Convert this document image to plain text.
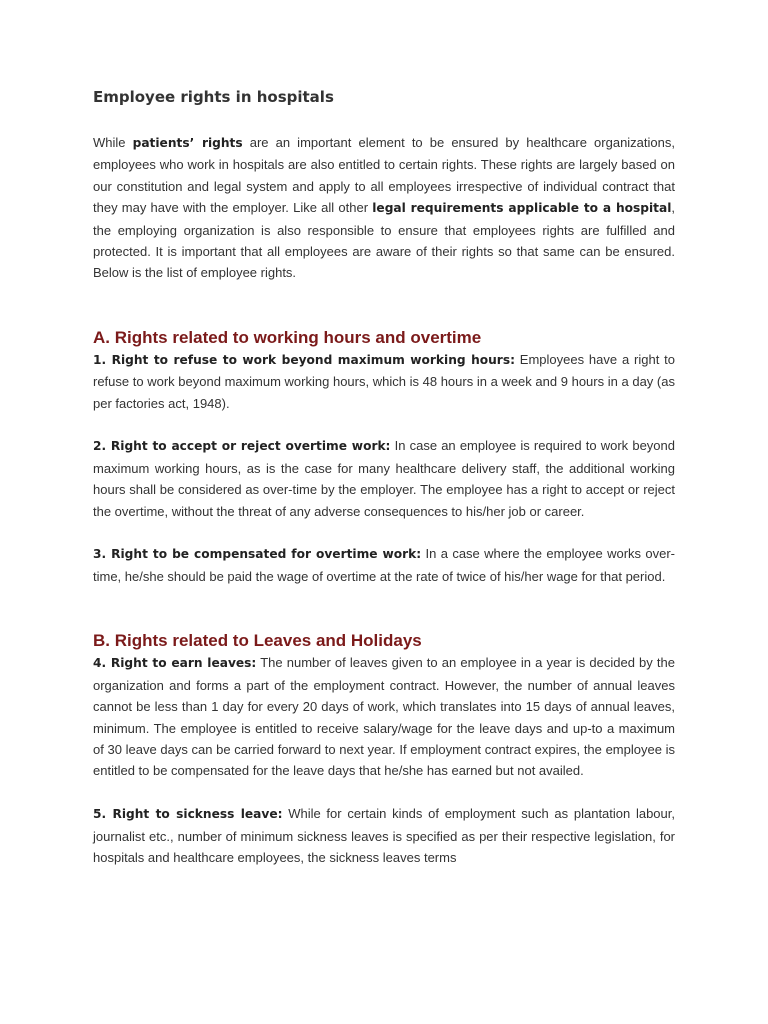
Employee rights in hospitals

While patients’ rights are an important element to be ensured by healthcare organizations, employees who work in hospitals are also entitled to certain rights. These rights are largely based on our constitution and legal system and apply to all employees irrespective of individual contract that they may have with the employer. Like all other legal requirements applicable to a hospital, the employing organization is also responsible to ensure that employees rights are fulfilled and protected. It is important that all employees are aware of their rights so that same can be ensured. Below is the list of employee rights.

A. Rights related to working hours and overtime

1. Right to refuse to work beyond maximum working hours: Employees have a right to refuse to work beyond maximum working hours, which is 48 hours in a week and 9 hours in a day (as per factories act, 1948).

2. Right to accept or reject overtime work: In case an employee is required to work beyond maximum working hours, as is the case for many healthcare delivery staff, the additional working hours shall be considered as over-time by the employer. The employee has a right to accept or reject the overtime, without the threat of any adverse consequences to his/her job or career.

3. Right to be compensated for overtime work: In a case where the employee works over-time, he/she should be paid the wage of overtime at the rate of twice of his/her wage for that period.

B. Rights related to Leaves and Holidays

4. Right to earn leaves: The number of leaves given to an employee in a year is decided by the organization and forms a part of the employment contract. However, the number of annual leaves cannot be less than 1 day for every 20 days of work, which translates into 15 days of annual leaves, minimum. The employee is entitled to receive salary/wage for the leave days and up-to a maximum of 30 leave days can be carried forward to next year. If employment contract expires, the employee is entitled to be compensated for the leave days that he/she has earned but not availed.

5. Right to sickness leave: While for certain kinds of employment such as plantation labour, journalist etc., number of minimum sickness leaves is specified as per their respective legislation, for hospitals and healthcare employees, the sickness leaves terms
